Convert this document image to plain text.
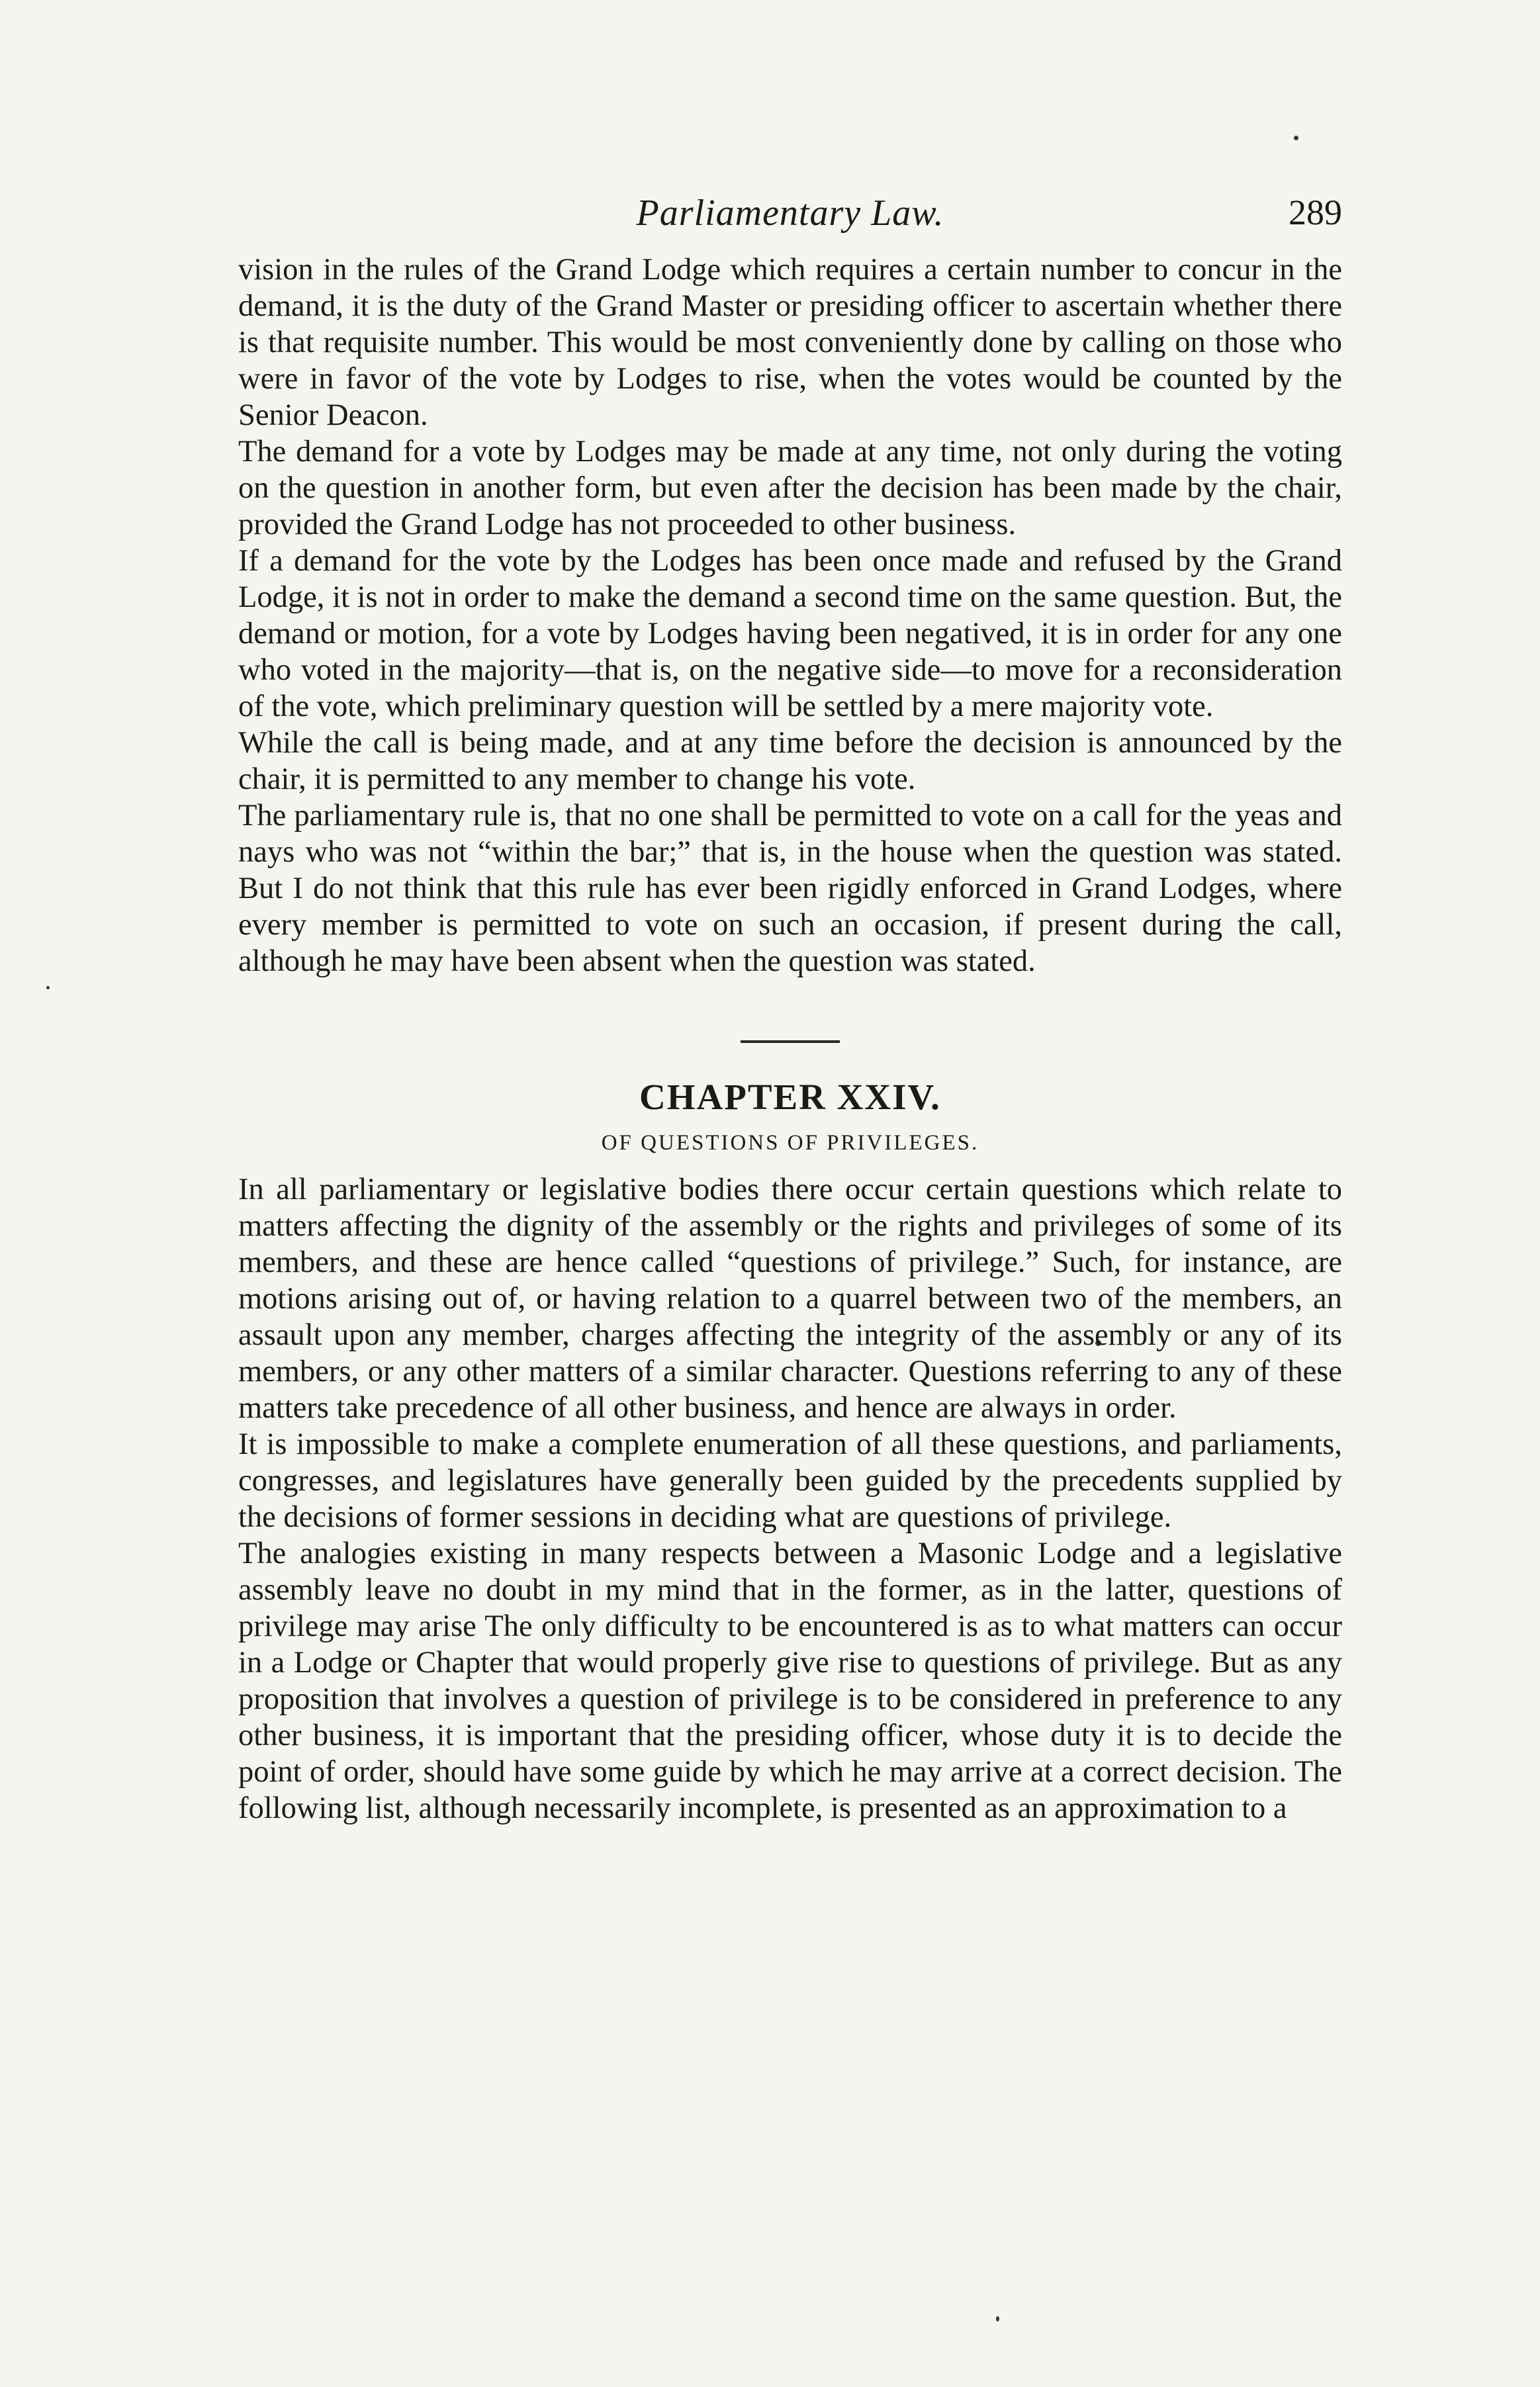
Parliamentary Law.	289

vision in the rules of the Grand Lodge which requires a certain number to concur in the demand, it is the duty of the Grand Master or presiding officer to ascertain whether there is that requisite number. This would be most conveniently done by calling on those who were in favor of the vote by Lodges to rise, when the votes would be counted by the Senior Deacon.

The demand for a vote by Lodges may be made at any time, not only during the voting on the question in another form, but even after the decision has been made by the chair, provided the Grand Lodge has not proceeded to other business.

If a demand for the vote by the Lodges has been once made and refused by the Grand Lodge, it is not in order to make the demand a second time on the same question. But, the demand or motion, for a vote by Lodges having been negatived, it is in order for any one who voted in the majority—that is, on the negative side—to move for a reconsideration of the vote, which preliminary question will be settled by a mere majority vote.

While the call is being made, and at any time before the decision is announced by the chair, it is permitted to any member to change his vote.

The parliamentary rule is, that no one shall be permitted to vote on a call for the yeas and nays who was not “within the bar;” that is, in the house when the question was stated. But I do not think that this rule has ever been rigidly enforced in Grand Lodges, where every member is permitted to vote on such an occasion, if present during the call, although he may have been absent when the question was stated.

CHAPTER XXIV.
OF QUESTIONS OF PRIVILEGES.

In all parliamentary or legislative bodies there occur certain questions which relate to matters affecting the dignity of the assembly or the rights and privileges of some of its members, and these are hence called “questions of privilege.” Such, for instance, are motions arising out of, or having relation to a quarrel between two of the members, an assault upon any member, charges affecting the integrity of the assembly or any of its members, or any other matters of a similar character. Questions referring to any of these matters take precedence of all other business, and hence are always in order.

It is impossible to make a complete enumeration of all these questions, and parliaments, congresses, and legislatures have generally been guided by the precedents supplied by the decisions of former sessions in deciding what are questions of privilege.

The analogies existing in many respects between a Masonic Lodge and a legislative assembly leave no doubt in my mind that in the former, as in the latter, questions of privilege may arise The only difficulty to be encountered is as to what matters can occur in a Lodge or Chapter that would properly give rise to questions of privilege. But as any proposition that involves a question of privilege is to be considered in preference to any other business, it is important that the presiding officer, whose duty it is to decide the point of order, should have some guide by which he may arrive at a correct decision. The following list, although necessarily incomplete, is presented as an approximation to a
